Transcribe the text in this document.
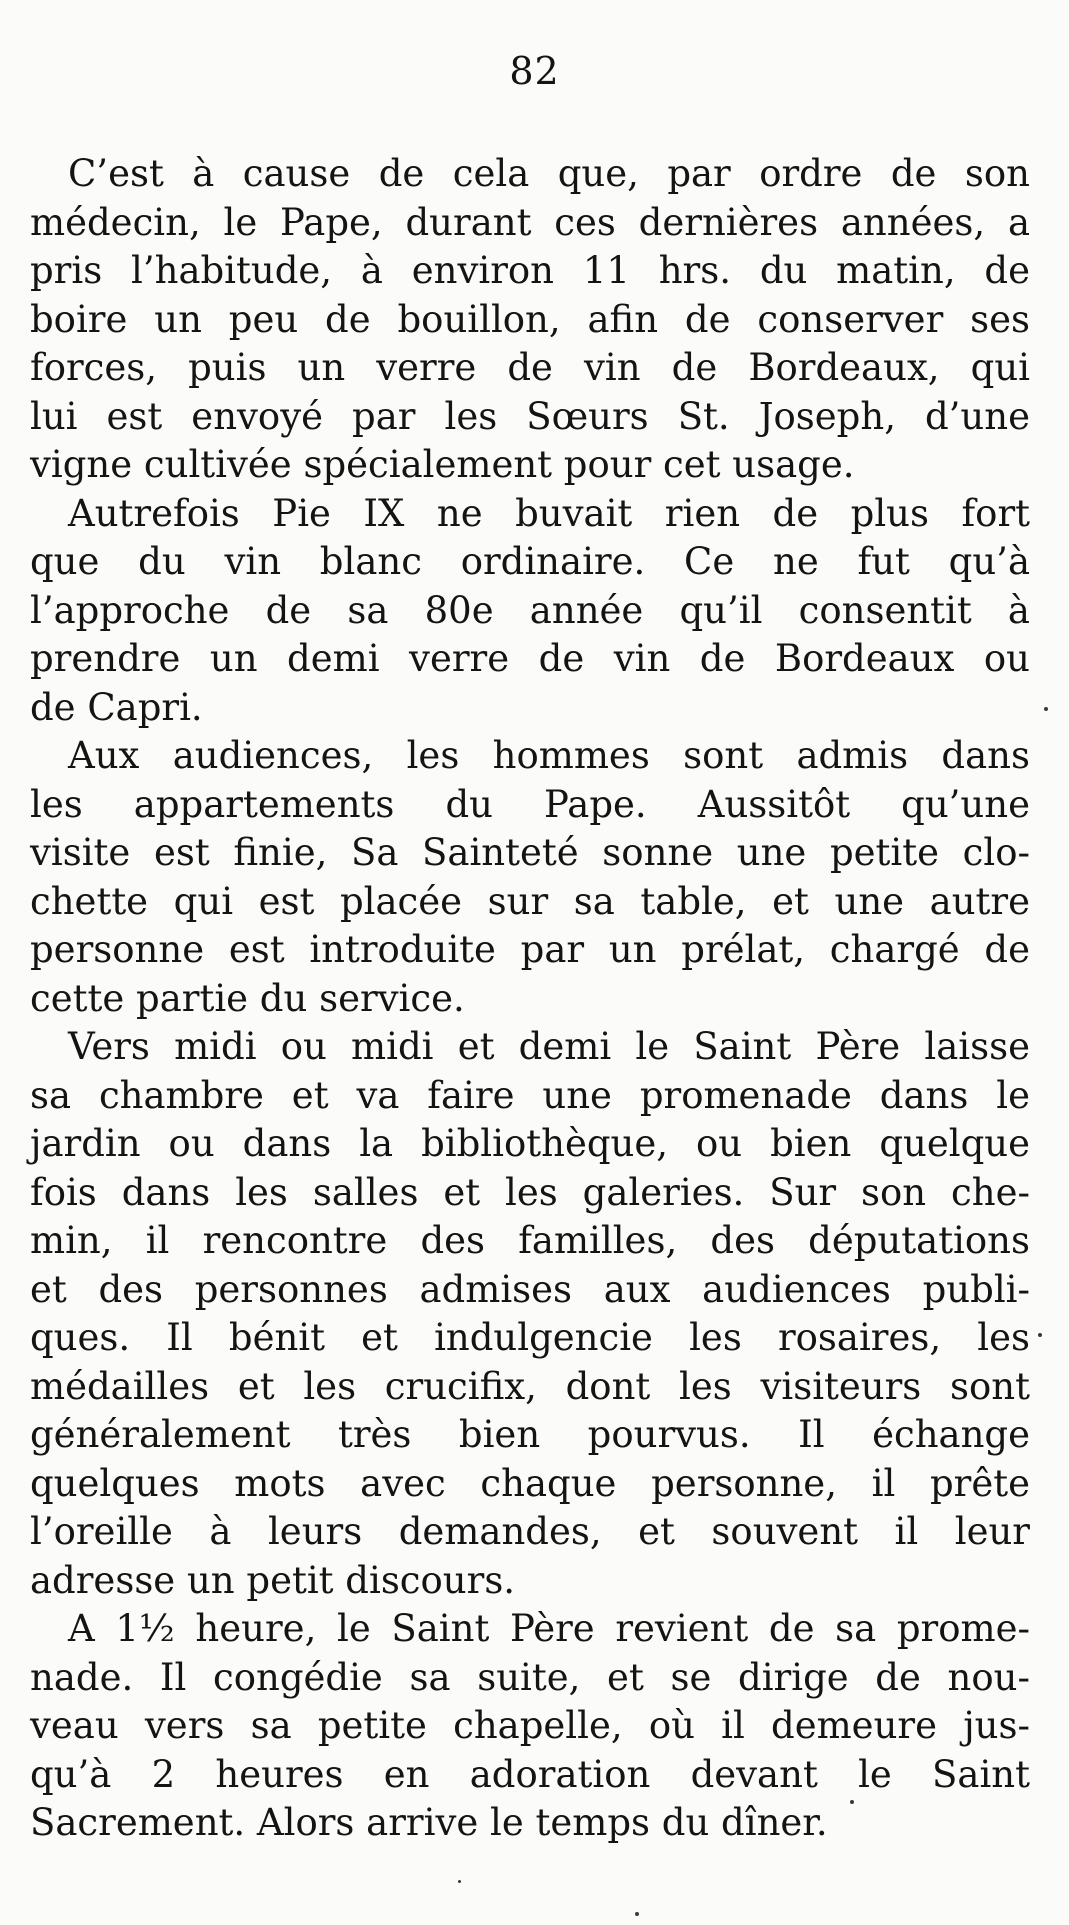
82
C’est à cause de cela que, par ordre de son
médecin, le Pape, durant ces dernières années, a
pris l’habitude, à environ 11 hrs. du matin, de
boire un peu de bouillon, afin de conserver ses
forces, puis un verre de vin de Bordeaux, qui
lui est envoyé par les Sœurs St. Joseph, d’une
vigne cultivée spécialement pour cet usage.
Autrefois Pie IX ne buvait rien de plus fort
que du vin blanc ordinaire. Ce ne fut qu’à
l’approche de sa 80e année qu’il consentit à
prendre un demi verre de vin de Bordeaux ou
de Capri.
Aux audiences, les hommes sont admis dans
les appartements du Pape. Aussitôt qu’une
visite est finie, Sa Sainteté sonne une petite clo-
chette qui est placée sur sa table, et une autre
personne est introduite par un prélat, chargé de
cette partie du service.
Vers midi ou midi et demi le Saint Père laisse
sa chambre et va faire une promenade dans le
jardin ou dans la bibliothèque, ou bien quelque
fois dans les salles et les galeries. Sur son che-
min, il rencontre des familles, des députations
et des personnes admises aux audiences publi-
ques. Il bénit et indulgencie les rosaires, les
médailles et les crucifix, dont les visiteurs sont
généralement très bien pourvus. Il échange
quelques mots avec chaque personne, il prête
l’oreille à leurs demandes, et souvent il leur
adresse un petit discours.
A 1½ heure, le Saint Père revient de sa prome-
nade. Il congédie sa suite, et se dirige de nou-
veau vers sa petite chapelle, où il demeure jus-
qu’à 2 heures en adoration devant le Saint
Sacrement. Alors arrive le temps du dîner.
